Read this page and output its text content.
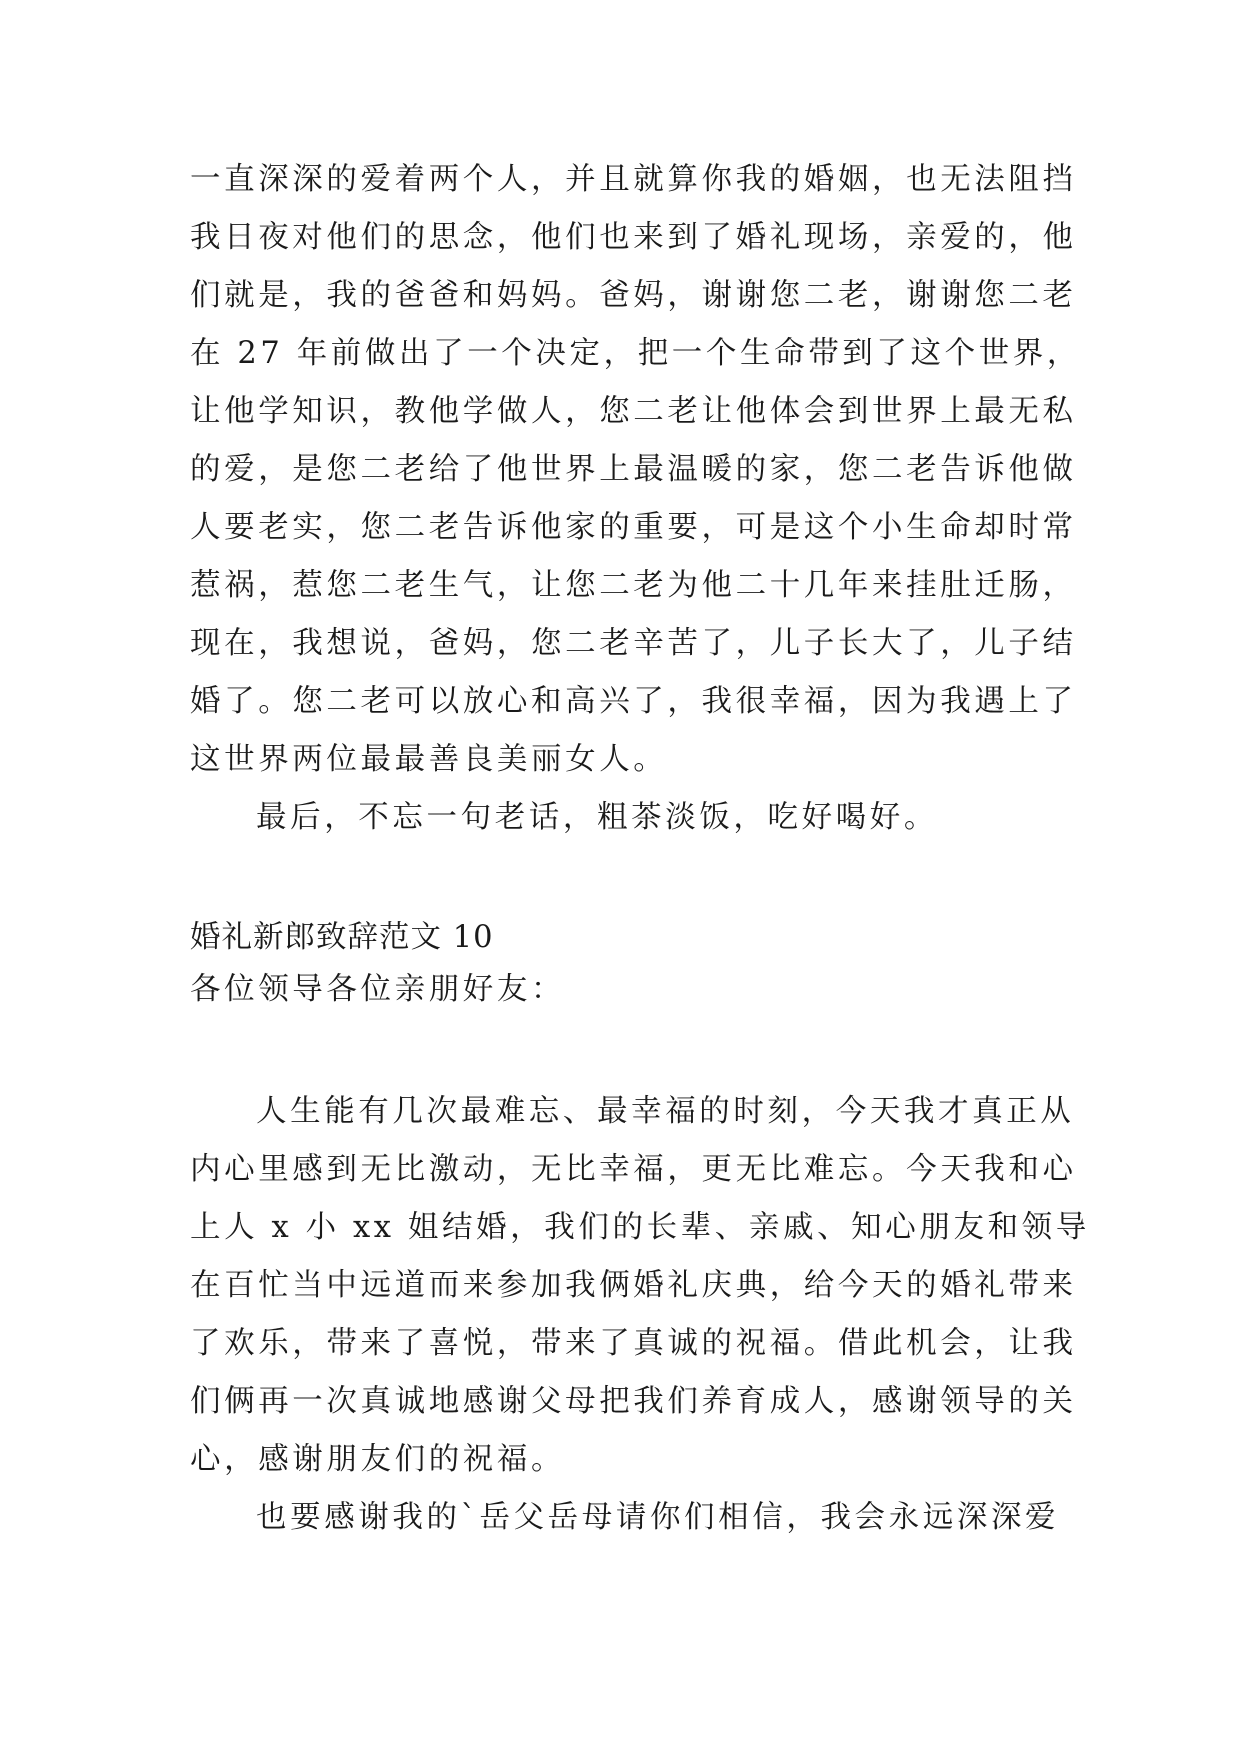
一直深深的爱着两个人，并且就算你我的婚姻，也无法阻挡

我日夜对他们的思念，他们也来到了婚礼现场，亲爱的，他

们就是，我的爸爸和妈妈。爸妈，谢谢您二老，谢谢您二老

在 27 年前做出了一个决定，把一个生命带到了这个世界，

让他学知识，教他学做人，您二老让他体会到世界上最无私

的爱，是您二老给了他世界上最温暖的家，您二老告诉他做

人要老实，您二老告诉他家的重要，可是这个小生命却时常

惹祸，惹您二老生气，让您二老为他二十几年来挂肚迁肠，

现在，我想说，爸妈，您二老辛苦了，儿子长大了，儿子结

婚了。您二老可以放心和高兴了，我很幸福，因为我遇上了

这世界两位最最善良美丽女人。

最后，不忘一句老话，粗茶淡饭，吃好喝好。

婚礼新郎致辞范文 10

各位领导各位亲朋好友：

人生能有几次最难忘、最幸福的时刻，今天我才真正从

内心里感到无比激动，无比幸福，更无比难忘。今天我和心

上人 x 小 xx 姐结婚，我们的长辈、亲戚、知心朋友和领导

在百忙当中远道而来参加我俩婚礼庆典，给今天的婚礼带来

了欢乐，带来了喜悦，带来了真诚的祝福。借此机会，让我

们俩再一次真诚地感谢父母把我们养育成人，感谢领导的关

心，感谢朋友们的祝福。

也要感谢我的`岳父岳母请你们相信，我会永远深深爱
